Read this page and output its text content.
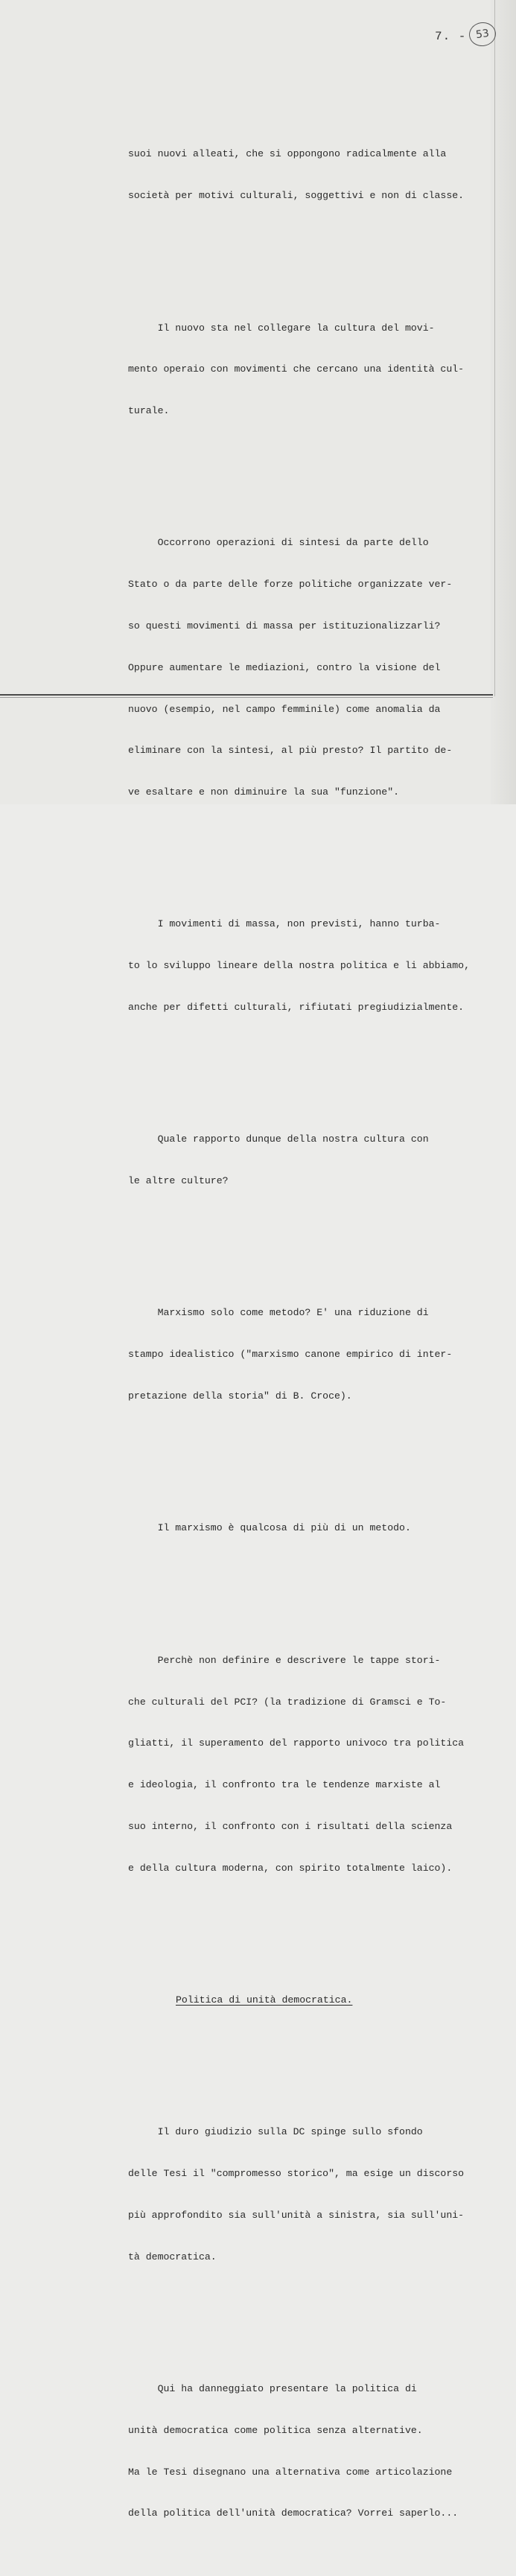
7. - 53

suoi nuovi alleati, che si oppongono radicalmente alla

società per motivi culturali, soggettivi e non di classe.

Il nuovo sta nel collegare la cultura del movi-

mento operaio con movimenti che cercano una identità cul-

turale.

Occorrono operazioni di sintesi da parte dello

Stato o da parte delle forze politiche organizzate ver-

so questi movimenti di massa per istituzionalizzarli?

Oppure aumentare le mediazioni, contro la visione del

nuovo (esempio, nel campo femminile) come anomalia da

eliminare con la sintesi, al più presto? Il partito de-

ve esaltare e non diminuire la sua "funzione".

I movimenti di massa, non previsti, hanno turba-

to lo sviluppo lineare della nostra politica e li abbiamo,

anche per difetti culturali, rifiutati pregiudizialmente.

Quale rapporto dunque della nostra cultura con

le altre culture?

Marxismo solo come metodo? E' una riduzione di

stampo idealistico ("marxismo canone empirico di inter-

pretazione della storia" di B. Croce).

Il marxismo è qualcosa di più di un metodo.

Perchè non definire e descrivere le tappe stori-

che culturali del PCI? (la tradizione di Gramsci e To-

gliatti, il superamento del rapporto univoco tra politica

e ideologia, il confronto tra le tendenze marxiste al

suo interno, il confronto con i risultati della scienza

e della cultura moderna, con spirito totalmente laico).

Politica di unità democratica.

Il duro giudizio sulla DC spinge sullo sfondo

delle Tesi il "compromesso storico", ma esige un discorso

più approfondito sia sull'unità a sinistra, sia sull'uni-

tà democratica.

Qui ha danneggiato presentare la politica di

unità democratica come politica senza alternative.

Ma le Tesi disegnano una alternativa come articolazione

della politica dell'unità democratica? Vorrei saperlo...
